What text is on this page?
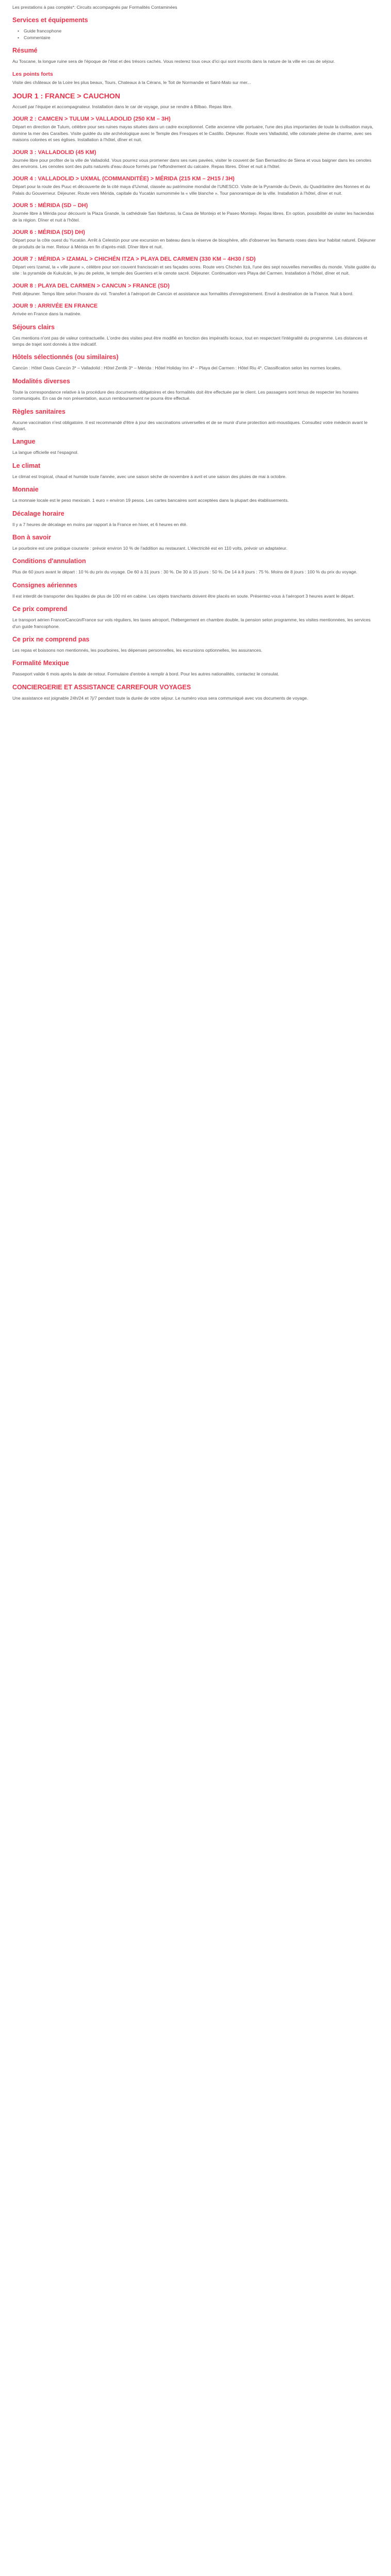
Les prestations à pas comptés*: Circuits accompagnés par Formalités Contaminées

Services et équipements
• Guide francophone
• Commentaire
Résumé

Au Toscane, la longue ruine sera de l'époque de l'état et des trésors cachés. Vous resterez tous ceux d'ici qui sont inscrits dans la nature de la ville en cas de séjour.

Les points forts

Visite des châteaux de la Loire les plus beaux, Tours, Chateaux à la Cérans, le Toit de Normandie et Saint-Malo sur mer...

JOUR 1 : FRANCE > CAUCHON

Accueil par l'équipe et accompagnateur. Installation dans le car de voyage, pour se rendre à Bilbao. Repas libre.

JOUR 2 : CAMCEN > TULUM > VALLADOLID (250 KM – 3H)

Départ en direction de Tulum, célèbre pour ses ruines mayas situées dans un cadre exceptionnel. Cette ancienne ville portuaire, l'une des plus importantes de toute la civilisation maya, domine la mer des Caraïbes. Visite guidée du site archéologique avec le Temple des Fresques et le Castillo. Déjeuner. Route vers Valladolid, ville coloniale pleine de charme, avec ses maisons colorées et ses églises. Installation à l'hôtel, dîner et nuit.

JOUR 3 : VALLADOLID (45 KM)

Journée libre pour profiter de la ville de Valladolid. Vous pourrez vous promener dans ses rues pavées, visiter le couvent de San Bernardino de Siena et vous baigner dans les cenotes des environs. Les cenotes sont des puits naturels d'eau douce formés par l'effondrement du calcaire. Repas libres. Dîner et nuit à l'hôtel.

JOUR 4 : VALLADOLID > UXMAL (COMMANDITÉE) > MÉRIDA (215 KM – 2H15 / 3H)

Départ pour la route des Puuc et découverte de la cité maya d'Uxmal, classée au patrimoine mondial de l'UNESCO. Visite de la Pyramide du Devin, du Quadrilatère des Nonnes et du Palais du Gouverneur. Déjeuner. Route vers Mérida, capitale du Yucatán surnommée la « ville blanche ». Tour panoramique de la ville. Installation à l'hôtel, dîner et nuit.

JOUR 5 : MÉRIDA (SD – DH)

Journée libre à Mérida pour découvrir la Plaza Grande, la cathédrale San Ildefonso, la Casa de Montejo et le Paseo Montejo. Repas libres. En option, possibilité de visiter les haciendas de la région. Dîner et nuit à l'hôtel.

JOUR 6 : MÉRIDA (SD) DH)

Départ pour la côte ouest du Yucatán. Arrêt à Celestún pour une excursion en bateau dans la réserve de biosphère, afin d'observer les flamants roses dans leur habitat naturel. Déjeuner de produits de la mer. Retour à Mérida en fin d'après-midi. Dîner libre et nuit.

JOUR 7 : MÉRIDA > IZAMAL > CHICHÉN ITZA > PLAYA DEL CARMEN (330 KM – 4H30 / SD)

Départ vers Izamal, la « ville jaune », célèbre pour son couvent franciscain et ses façades ocres. Route vers Chichén Itzá, l'une des sept nouvelles merveilles du monde. Visite guidée du site : la pyramide de Kukulcán, le jeu de pelote, le temple des Guerriers et le cenote sacré. Déjeuner. Continuation vers Playa del Carmen. Installation à l'hôtel, dîner et nuit.

JOUR 8 : PLAYA DEL CARMEN > CANCUN > FRANCE (SD)

Petit déjeuner. Temps libre selon l'horaire du vol. Transfert à l'aéroport de Cancún et assistance aux formalités d'enregistrement. Envol à destination de la France. Nuit à bord.

JOUR 9 : ARRIVÉE EN FRANCE

Arrivée en France dans la matinée.

Séjours clairs

Ces mentions n'ont pas de valeur contractuelle. L'ordre des visites peut être modifié en fonction des impératifs locaux, tout en respectant l'intégralité du programme. Les distances et temps de trajet sont donnés à titre indicatif.

Hôtels sélectionnés (ou similaires)

Cancún : Hôtel Oasis Cancún 3* – Valladolid : Hôtel Zentik 3* – Mérida : Hôtel Holiday Inn 4* – Playa del Carmen : Hôtel Riu 4*. Classification selon les normes locales.

Modalités diverses

Toute la correspondance relative à la procédure des documents obligatoires et des formalités doit être effectuée par le client. Les passagers sont tenus de respecter les horaires communiqués. En cas de non présentation, aucun remboursement ne pourra être effectué.

Règles sanitaires

Aucune vaccination n'est obligatoire. Il est recommandé d'être à jour des vaccinations universelles et de se munir d'une protection anti-moustiques. Consultez votre médecin avant le départ.

Langue

La langue officielle est l'espagnol.

Le climat

Le climat est tropical, chaud et humide toute l'année, avec une saison sèche de novembre à avril et une saison des pluies de mai à octobre.

Monnaie

La monnaie locale est le peso mexicain. 1 euro = environ 19 pesos. Les cartes bancaires sont acceptées dans la plupart des établissements.

Décalage horaire

Il y a 7 heures de décalage en moins par rapport à la France en hiver, et 6 heures en été.

Bon à savoir

Le pourboire est une pratique courante : prévoir environ 10 % de l'addition au restaurant. L'électricité est en 110 volts, prévoir un adaptateur.

Conditions d'annulation

Plus de 60 jours avant le départ : 10 % du prix du voyage. De 60 à 31 jours : 30 %. De 30 à 15 jours : 50 %. De 14 à 8 jours : 75 %. Moins de 8 jours : 100 % du prix du voyage.

Consignes aériennes

Il est interdit de transporter des liquides de plus de 100 ml en cabine. Les objets tranchants doivent être placés en soute. Présentez-vous à l'aéroport 3 heures avant le départ.

Ce prix comprend

Le transport aérien France/Cancún/France sur vols réguliers, les taxes aéroport, l'hébergement en chambre double, la pension selon programme, les visites mentionnées, les services d'un guide francophone.

Ce prix ne comprend pas

Les repas et boissons non mentionnés, les pourboires, les dépenses personnelles, les excursions optionnelles, les assurances.

Formalité Mexique

Passeport valide 6 mois après la date de retour. Formulaire d'entrée à remplir à bord. Pour les autres nationalités, contactez le consulat.

CONCIERGERIE ET ASSISTANCE CARREFOUR VOYAGES

Une assistance est joignable 24h/24 et 7j/7 pendant toute la durée de votre séjour. Le numéro vous sera communiqué avec vos documents de voyage.
